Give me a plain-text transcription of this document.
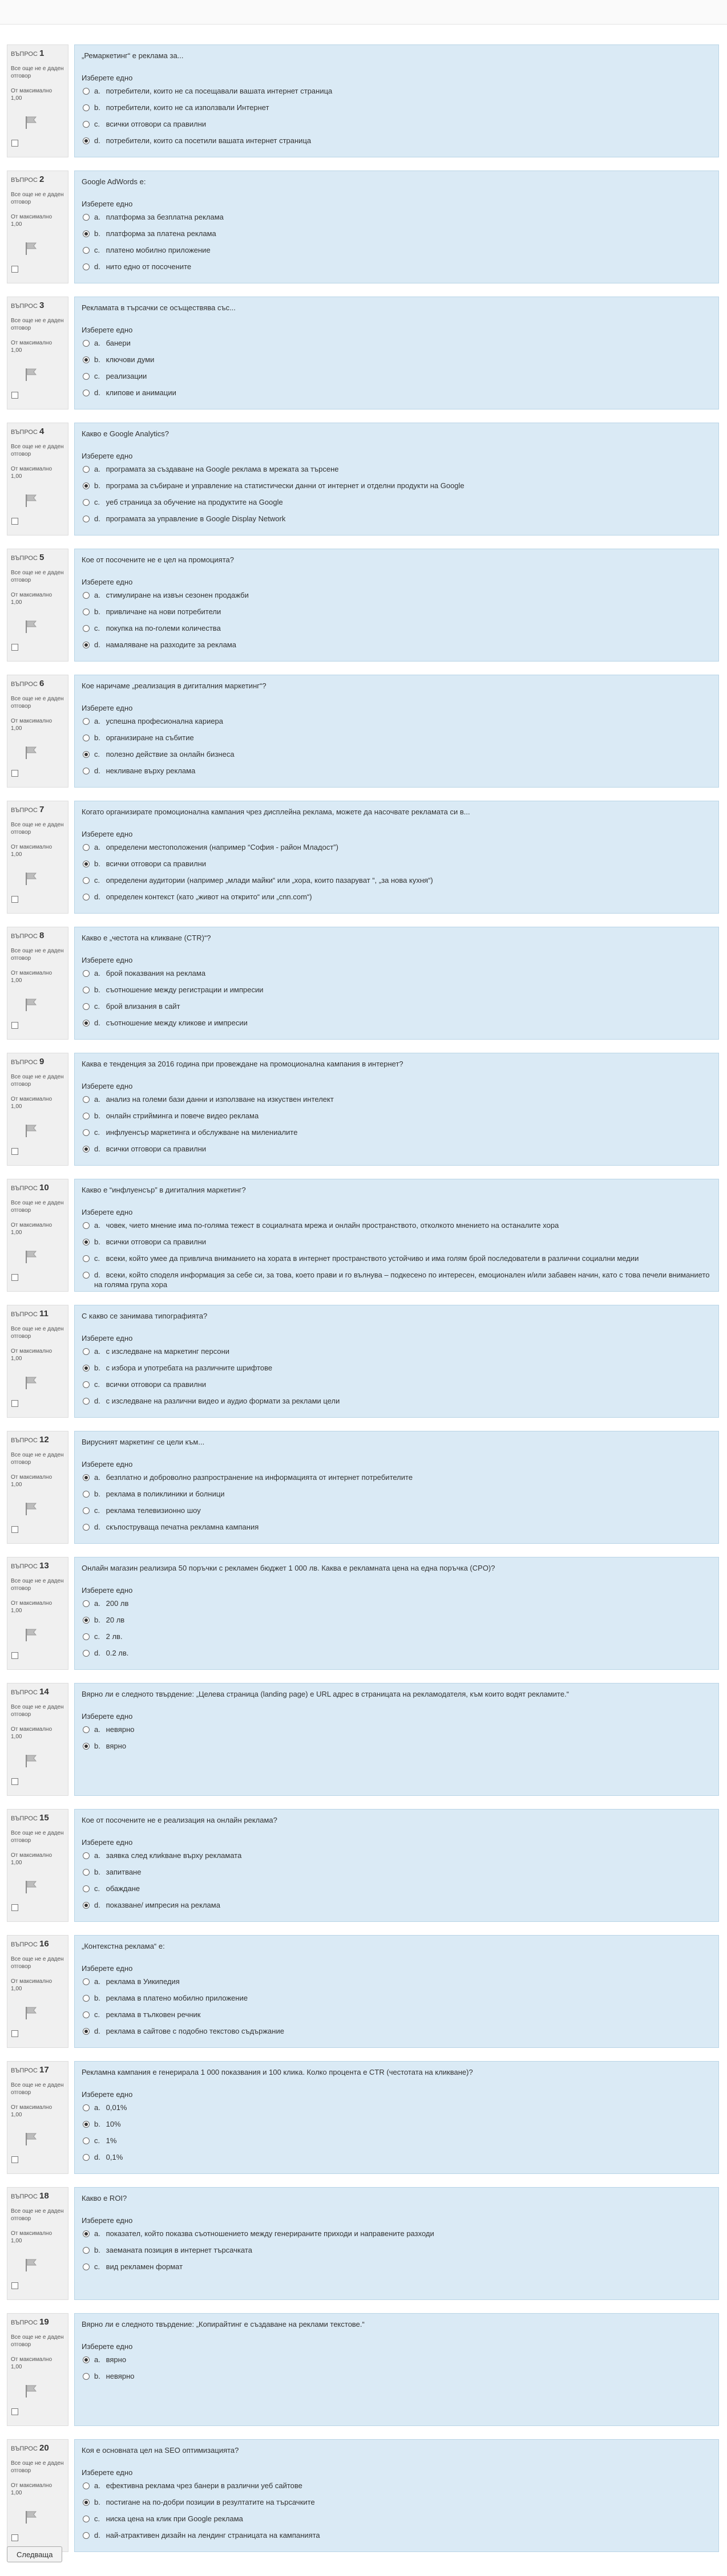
ВЪПРОС 1
Все още не е даден отговор
От максимално 1,00
„Ремаркетинг“ е реклама за...
Изберете едно
a. потребители, които не са посещавали вашата интернет страница
b. потребители, които не са използвали Интернет
c. всички отговори са правилни
d. потребители, които са посетили вашата интернет страница
ВЪПРОС 2
Все още не е даден отговор
От максимално 1,00
Google AdWords е:
Изберете едно
a. платформа за безплатна реклама
b. платформа за платена реклама
c. платено мобилно приложение
d. нито едно от посочените
ВЪПРОС 3
Все още не е даден отговор
От максимално 1,00
Рекламата в търсачки се осъществява със...
Изберете едно
a. банери
b. ключови думи
c. реализации
d. клипове и анимации
ВЪПРОС 4
Все още не е даден отговор
От максимално 1,00
Какво е Google Analytics?
Изберете едно
a. програмата за създаване на Google реклама в мрежата за търсене
b. програма за събиране и управление на статистически данни от интернет и отделни продукти на Google
c. уеб страница за обучение на продуктите на Google
d. програмата за управление в Google Display Network
ВЪПРОС 5
Все още не е даден отговор
От максимално 1,00
Кое от посочените не е цел на промоцията?
Изберете едно
a. стимулиране на извън сезонен продажби
b. привличане на нови потребители
c. покупка на по-големи количества
d. намаляване на разходите за реклама
ВЪПРОС 6
Все още не е даден отговор
От максимално 1,00
Кое наричаме „реализация в дигиталния маркетинг“?
Изберете едно
a. успешна професионална кариера
b. организиране на събитие
c. полезно действие за онлайн бизнеса
d. некливане върху реклама
ВЪПРОС 7
Все още не е даден отговор
От максимално 1,00
Когато организирате промоционална кампания чрез дисплейна реклама, можете да насочвате рекламата си в...
Изберете едно
a. определени местоположения (например “София - район Младост”)
b. всички отговори са правилни
c. определени аудитории (например „млади майки“ или „хора, които пазаруват “, „за нова кухня“)
d. определен контекст (като „живот на открито“ или „cnn.com“)
ВЪПРОС 8
Все още не е даден отговор
От максимално 1,00
Какво е „честота на кликване (CTR)“?
Изберете едно
a. брой показвания на реклама
b. съотношение между регистрации и импресии
c. брой влизания в сайт
d. съотношение между кликове и импресии
ВЪПРОС 9
Все още не е даден отговор
От максимално 1,00
Каква е тенденция за 2016 година при провеждане на промоционална кампания в интернет?
Изберете едно
a. анализ на големи бази данни и използване на изкуствен интелект
b. онлайн стрийминга и повече видео реклама
c. инфлуенсър маркетинга и обслужване на милениалите
d. всички отговори са правилни
ВЪПРОС 10
Все още не е даден отговор
От максимално 1,00
Какво е “инфлуенсър” в дигиталния маркетинг?
Изберете едно
a. човек, чието мнение има по-голяма тежест в социалната мрежа и онлайн пространството, отколкото мнението на останалите хора
b. всички отговори са правилни
c. всеки, който умее да привлича вниманието на хората в интернет пространството устойчиво и има голям брой последователи в различни социални медии
d. всеки, който споделя информация за себе си, за това, което прави и го вълнува – подкесено по интересен, емоционален и/или забавен начин, като с това печели вниманието на голяма група хора
ВЪПРОС 11
Все още не е даден отговор
От максимално 1,00
С какво се занимава типографията?
Изберете едно
a. с изследване на маркетинг персони
b. с избора и употребата на различните шрифтове
c. всички отговори са правилни
d. с изследване на различни видео и аудио формати за реклами цели
ВЪПРОС 12
Все още не е даден отговор
От максимално 1,00
Вирусният маркетинг се цели към...
Изберете едно
a. безплатно и доброволно разпространение на информацията от интернет потребителите
b. реклама в поликлиники и болници
c. реклама телевизионно шоу
d. скъпоструваща печатна рекламна кампания
ВЪПРОС 13
Все още не е даден отговор
От максимално 1,00
Онлайн магазин реализира 50 поръчки с рекламен бюджет 1 000 лв. Каква е рекламната цена на една поръчка (CPO)?
Изберете едно
a. 200 лв
b. 20 лв
c. 2 лв.
d. 0.2 лв.
ВЪПРОС 14
Все още не е даден отговор
От максимално 1,00
Вярно ли е следното твърдение: „Целева страница (landing page) е URL адрес в страницата на рекламодателя, към които водят рекламите.“
Изберете едно
a. невярно
b. вярно
ВЪПРОС 15
Все още не е даден отговор
От максимално 1,00
Кое от посочените не е реализация на онлайн реклама?
Изберете едно
a. заявка след клиkване върху рекламата
b. запитване
c. обаждане
d. показване/ импресия на реклама
ВЪПРОС 16
Все още не е даден отговор
От максимално 1,00
„Контекстна реклама“ е:
Изберете едно
a. реклама в Уикипедия
b. реклама в платено мобилно приложение
c. реклама в тълковен речник
d. реклама в сайтове с подобно текстово съдържание
ВЪПРОС 17
Все още не е даден отговор
От максимално 1,00
Рекламна кампания е генерирала 1 000 показвания и 100 клика. Колко процента е CTR (честотата на кликване)?
Изберете едно
a. 0,01%
b. 10%
c. 1%
d. 0,1%
ВЪПРОС 18
Все още не е даден отговор
От максимално 1,00
Какво е ROI?
Изберете едно
a. показател, който показва съотношението между генерираните приходи и направените разходи
b. заеманата позиция в интернет търсачката
c. вид рекламен формат
ВЪПРОС 19
Все още не е даден отговор
От максимално 1,00
Вярно ли е следното твърдение: „Копирайтинг е създаване на реклами текстове.“
Изберете едно
a. вярно
b. невярно
ВЪПРОС 20
Все още не е даден отговор
От максимално 1,00
Коя е основната цел на SEO оптимизацията?
Изберете едно
a. ефективна реклама чрез банери в различни уеб сайтове
b. постигане на по-добри позиции в резултатите на търсачките
c. ниска цена на клик при Google реклама
d. най-атрактивен дизайн на лендинг страницата на кампанията
Следваща
